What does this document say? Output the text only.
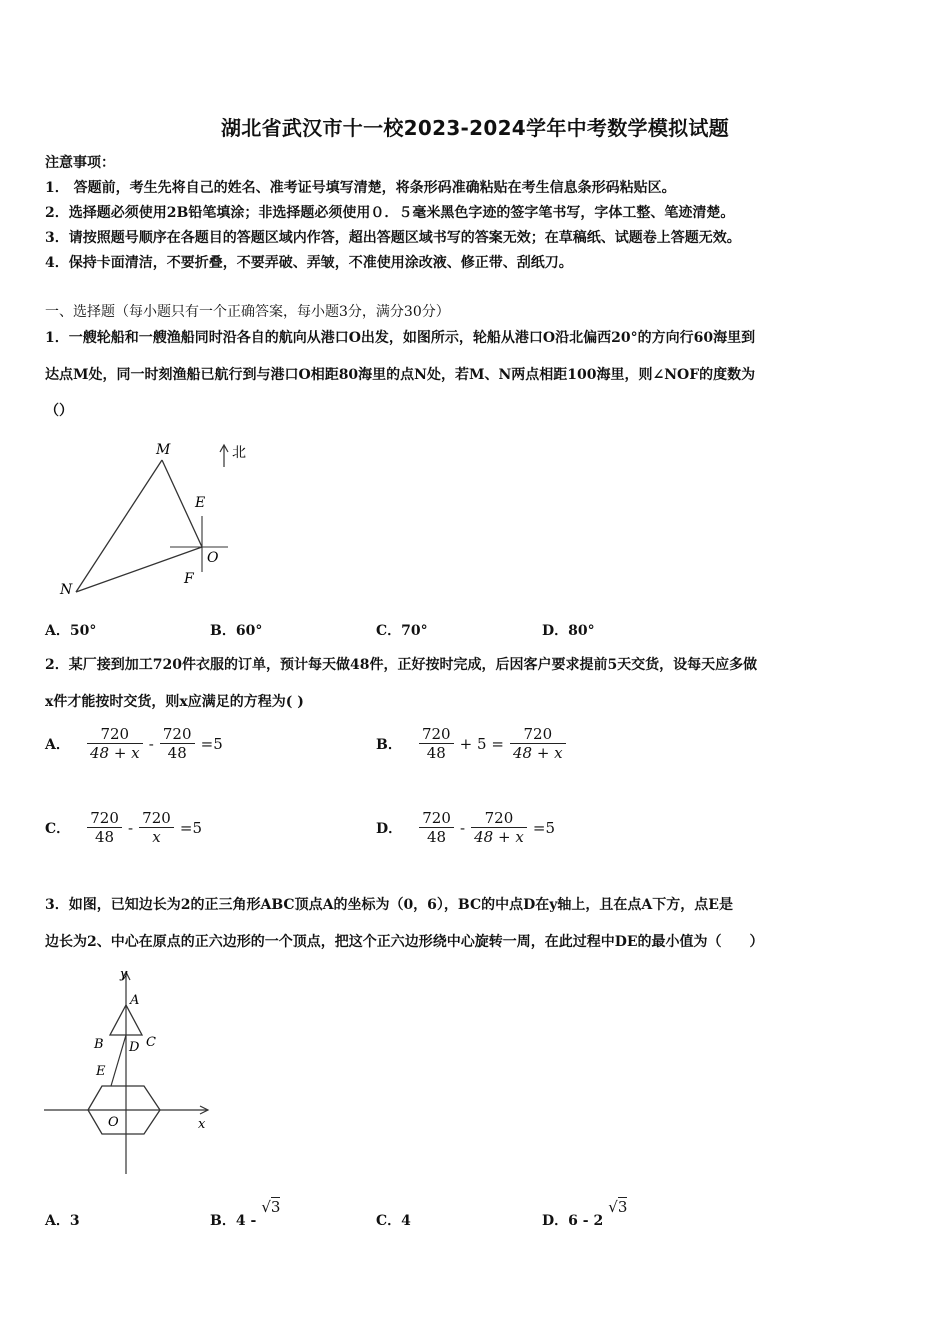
湖北省武汉市十一校2023-2024学年中考数学模拟试题
注意事项：
1． 答题前，考生先将自己的姓名、准考证号填写清楚，将条形码准确粘贴在考生信息条形码粘贴区。
2．选择题必须使用2B铅笔填涂；非选择题必须使用０．５毫米黑色字迹的签字笔书写，字体工整、笔迹清楚。
3．请按照题号顺序在各题目的答题区域内作答，超出答题区域书写的答案无效；在草稿纸、试题卷上答题无效。
4．保持卡面清洁，不要折叠，不要弄破、弄皱，不准使用涂改液、修正带、刮纸刀。
一、选择题（每小题只有一个正确答案，每小题3分，满分30分）
1．一艘轮船和一艘渔船同时沿各自的航向从港口O出发，如图所示，轮船从港口O沿北偏西20°的方向行60海里到
达点M处，同一时刻渔船已航行到与港口O相距80海里的点N处，若M、N两点相距100海里，则∠NOF的度数为
（）
M
N
E
O
F
北
A．50°	B．60°	C．70°	D．80°
2．某厂接到加工720件衣服的订单，预计每天做48件，正好按时完成，后因客户要求提前5天交货，设每天应多做
x件才能按时交货，则x应满足的方程为( )
A． $\frac{720}{48 + x} - \frac{720}{48} =5$	B． $\frac{720}{48} + 5 = \frac{720}{48 + x}$
C． $\frac{720}{48} - \frac{720}{x} =5$	D． $\frac{720}{48} - \frac{720}{48 + x} =5$
3．如图，已知边长为2的正三角形ABC顶点A的坐标为（0，6），BC的中点D在y轴上，且在点A下方，点E是
边长为2、中心在原点的正六边形的一个顶点，把这个正六边形绕中心旋转一周，在此过程中DE的最小值为（　　）
y
x
A
B	C
D
E
O
A．3	B．4 - √3
C．4	D．6 - 2 √3
